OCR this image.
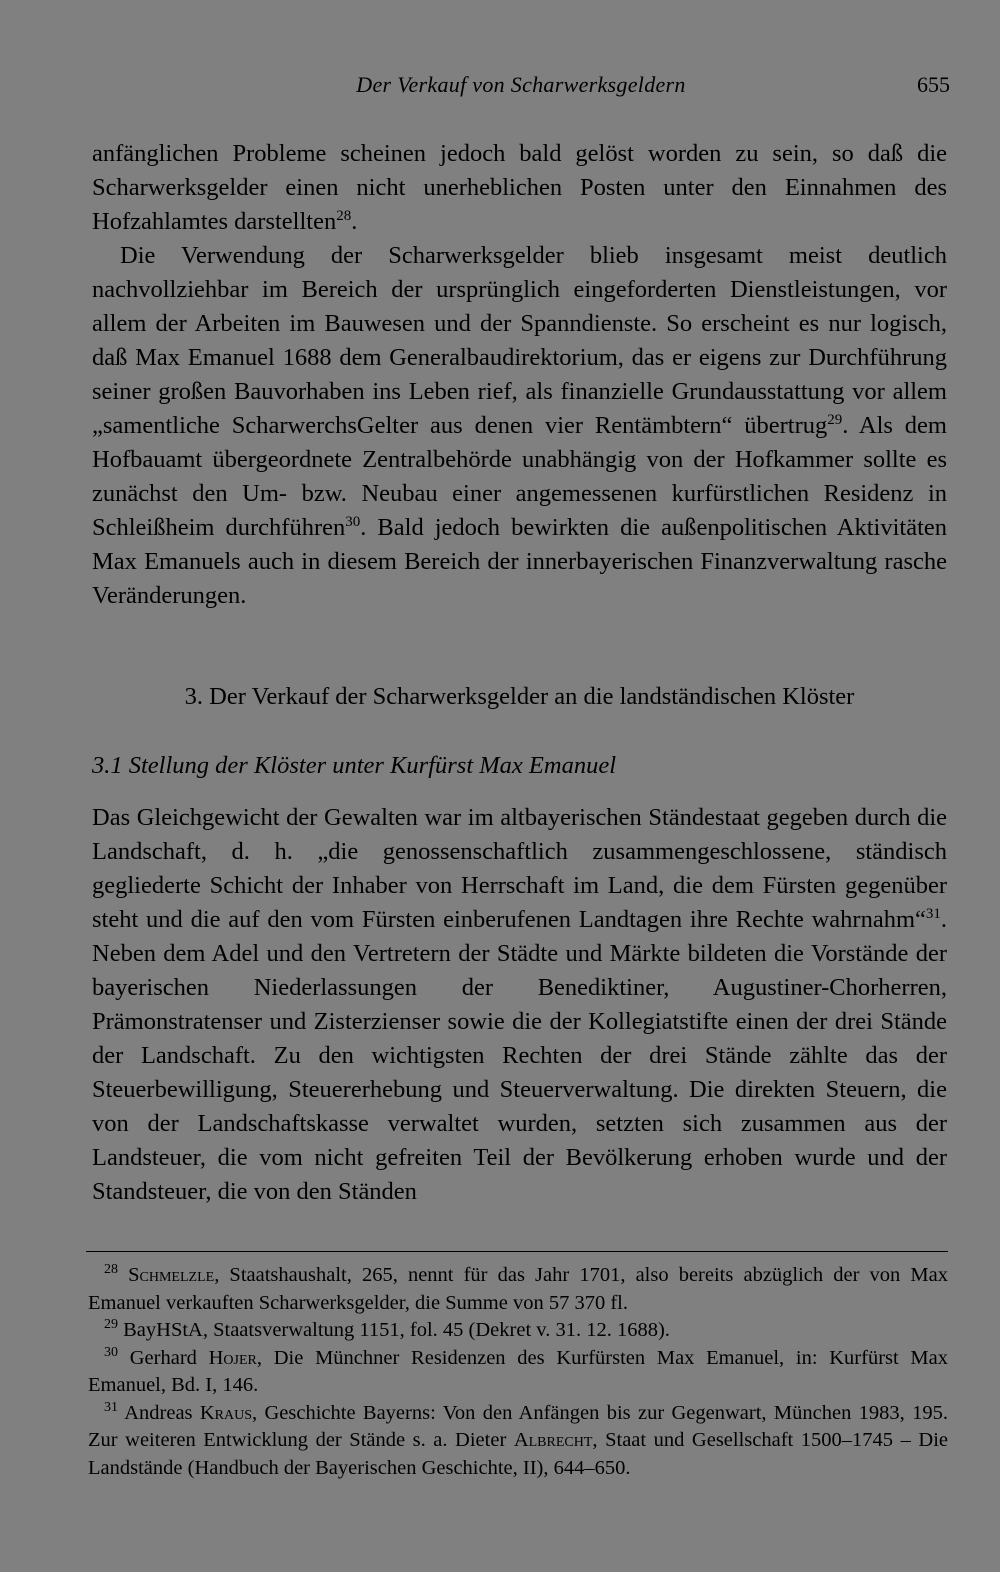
Der Verkauf von Scharwerksgeldern	655

anfänglichen Probleme scheinen jedoch bald gelöst worden zu sein, so daß die Scharwerksgelder einen nicht unerheblichen Posten unter den Einnahmen des Hofzahlamtes darstellten$^{28}$.

Die Verwendung der Scharwerksgelder blieb insgesamt meist deutlich nachvollziehbar im Bereich der ursprünglich eingeforderten Dienstleistungen, vor allem der Arbeiten im Bauwesen und der Spanndienste. So erscheint es nur logisch, daß Max Emanuel 1688 dem Generalbaudirektorium, das er eigens zur Durchführung seiner großen Bauvorhaben ins Leben rief, als finanzielle Grundausstattung vor allem „samentliche ScharwerchsGelter aus denen vier Rentämbtern“ übertrug$^{29}$. Als dem Hofbauamt übergeordnete Zentralbehörde unabhängig von der Hofkammer sollte es zunächst den Um- bzw. Neubau einer angemessenen kurfürstlichen Residenz in Schleißheim durchführen$^{30}$. Bald jedoch bewirkten die außenpolitischen Aktivitäten Max Emanuels auch in diesem Bereich der innerbayerischen Finanzverwaltung rasche Veränderungen.

3. Der Verkauf der Scharwerksgelder an die landständischen Klöster
3.1 Stellung der Klöster unter Kurfürst Max Emanuel

Das Gleichgewicht der Gewalten war im altbayerischen Ständestaat gegeben durch die Landschaft, d. h. „die genossenschaftlich zusammengeschlossene, ständisch gegliederte Schicht der Inhaber von Herrschaft im Land, die dem Fürsten gegenüber steht und die auf den vom Fürsten einberufenen Landtagen ihre Rechte wahrnahm“$^{31}$. Neben dem Adel und den Vertretern der Städte und Märkte bildeten die Vorstände der bayerischen Niederlassungen der Benediktiner, Augustiner-Chorherren, Prämonstratenser und Zisterzienser sowie die der Kollegiatstifte einen der drei Stände der Landschaft. Zu den wichtigsten Rechten der drei Stände zählte das der Steuerbewilligung, Steuererhebung und Steuerverwaltung. Die direkten Steuern, die von der Landschaftskasse verwaltet wurden, setzten sich zusammen aus der Landsteuer, die vom nicht gefreiten Teil der Bevölkerung erhoben wurde und der Standsteuer, die von den Ständen

$^{28}$ Schmelzle, Staatshaushalt, 265, nennt für das Jahr 1701, also bereits abzüglich der von Max Emanuel verkauften Scharwerksgelder, die Summe von 57 370 fl.

$^{29}$ BayHStA, Staatsverwaltung 1151, fol. 45 (Dekret v. 31. 12. 1688).

$^{30}$ Gerhard Hojer, Die Münchner Residenzen des Kurfürsten Max Emanuel, in: Kurfürst Max Emanuel, Bd. I, 146.

$^{31}$ Andreas Kraus, Geschichte Bayerns: Von den Anfängen bis zur Gegenwart, München 1983, 195. Zur weiteren Entwicklung der Stände s. a. Dieter Albrecht, Staat und Gesellschaft 1500–1745 – Die Landstände (Handbuch der Bayerischen Geschichte, II), 644–650.
